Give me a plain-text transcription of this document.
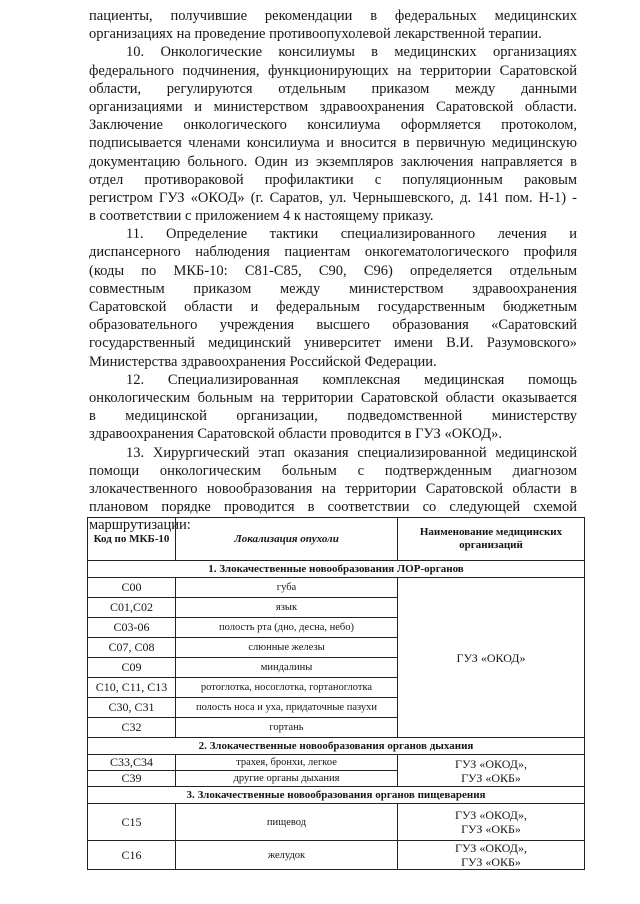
пациенты, получившие рекомендации в федеральных медицинских
организациях на проведение противоопухолевой лекарственной терапии.
10. Онкологические консилиумы в медицинских организациях
федерального подчинения, функционирующих на территории Саратовской
области, регулируются отдельным приказом между данными
организациями и министерством здравоохранения Саратовской области.
Заключение онкологического консилиума оформляется протоколом,
подписывается членами консилиума и вносится в первичную медицинскую
документацию больного. Один из экземпляров заключения направляется в
отдел противораковой профилактики с популяционным раковым
регистром ГУЗ «ОКОД» (г. Саратов, ул. Чернышевского, д. 141 пом. Н-1) -
в соответствии с приложением 4 к настоящему приказу.
11. Определение тактики специализированного лечения и
диспансерного наблюдения пациентам онкогематологического профиля
(коды по МКБ-10: С81-С85, С90, С96) определяется отдельным
совместным приказом между министерством здравоохранения
Саратовской области и федеральным государственным бюджетным
образовательного учреждения высшего образования «Саратовский
государственный медицинский университет имени В.И. Разумовского»
Министерства здравоохранения Российской Федерации.
12. Специализированная комплексная медицинская помощь
онкологическим больным на территории Саратовской области оказывается
в медицинской организации, подведомственной министерству
здравоохранения Саратовской области проводится в ГУЗ «ОКОД».
13. Хирургический этап оказания специализированной медицинской
помощи онкологическим больным с подтвержденным диагнозом
злокачественного новообразования на территории Саратовской области в
плановом порядке проводится в соответствии со следующей схемой
маршрутизации:
Код по МКБ-10	Локализация опухоли	Наименование медицинских организаций
1. Злокачественные новообразования ЛОР-органов		
С00	губа	ГУЗ «ОКОД»
С01,С02	язык	
С03-06	полость рта (дно, десна, небо)	
С07, С08	слюнные железы	
С09	миндалины	
С10, С11, С13	ротоглотка, носоглотка, гортаноглотка	
С30, С31	полость носа и уха, придаточные пазухи	
С32	гортань	
2. Злокачественные новообразования органов дыхания		
С33,С34	трахея, бронхи, легкое	ГУЗ «ОКОД»,
ГУЗ «ОКБ»

С39	другие органы дыхания	
3. Злокачественные новообразования органов пищеварения		
С15	пищевод	ГУЗ «ОКОД»,
ГУЗ «ОКБ»

С16	желудок	ГУЗ «ОКОД»,
ГУЗ «ОКБ»
